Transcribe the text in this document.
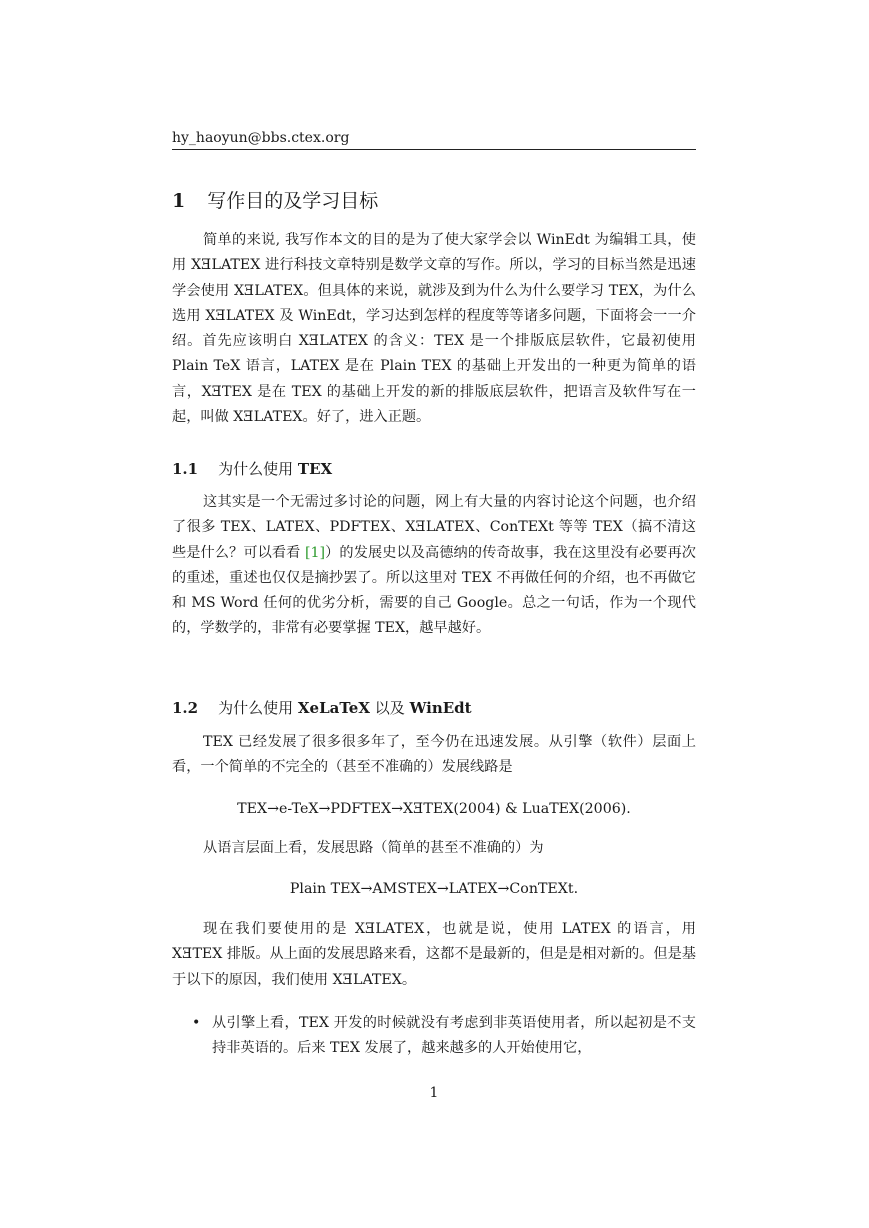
hy_haoyun@bbs.ctex.org
1 写作目的及学习目标

简单的来说, 我写作本文的目的是为了使大家学会以 WinEdt 为编辑工具，使用 XƎLATEX 进行科技文章特别是数学文章的写作。所以，学习的目标当然是迅速学会使用 XƎLATEX。但具体的来说，就涉及到为什么为什么要学习 TEX，为什么选用 XƎLATEX 及 WinEdt，学习达到怎样的程度等等诸多问题，下面将会一一介绍。首先应该明白 XƎLATEX 的含义：TEX 是一个排版底层软件，它最初使用 Plain TeX 语言，LATEX 是在 Plain TEX 的基础上开发出的一种更为简单的语言，XƎTEX 是在 TEX 的基础上开发的新的排版底层软件，把语言及软件写在一起，叫做 XƎLATEX。好了，进入正题。

1.1 为什么使用 TEX

这其实是一个无需过多讨论的问题，网上有大量的内容讨论这个问题，也介绍了很多 TEX、LATEX、PDFTEX、XƎLATEX、ConTEXt 等等 TEX（搞不清这些是什么？可以看看 [1]）的发展史以及高德纳的传奇故事，我在这里没有必要再次的重述，重述也仅仅是摘抄罢了。所以这里对 TEX 不再做任何的介绍，也不再做它和 MS Word 任何的优劣分析，需要的自己 Google。总之一句话，作为一个现代的，学数学的，非常有必要掌握 TEX，越早越好。

1.2 为什么使用 XeLaTeX 以及 WinEdt

TEX 已经发展了很多很多年了，至今仍在迅速发展。从引擎（软件）层面上看，一个简单的不完全的（甚至不准确的）发展线路是

TEX→e-TeX→PDFTEX→XƎTEX(2004) & LuaTEX(2006).

从语言层面上看，发展思路（简单的甚至不准确的）为

Plain TEX→AMSTEX→LATEX→ConTEXt.

现在我们要使用的是 XƎLATEX，也就是说，使用 LATEX 的语言，用 XƎTEX 排版。从上面的发展思路来看，这都不是最新的，但是是相对新的。但是基于以下的原因，我们使用 XƎLATEX。

• 从引擎上看，TEX 开发的时候就没有考虑到非英语使用者，所以起初是不支持非英语的。后来 TEX 发展了，越来越多的人开始使用它，
1
